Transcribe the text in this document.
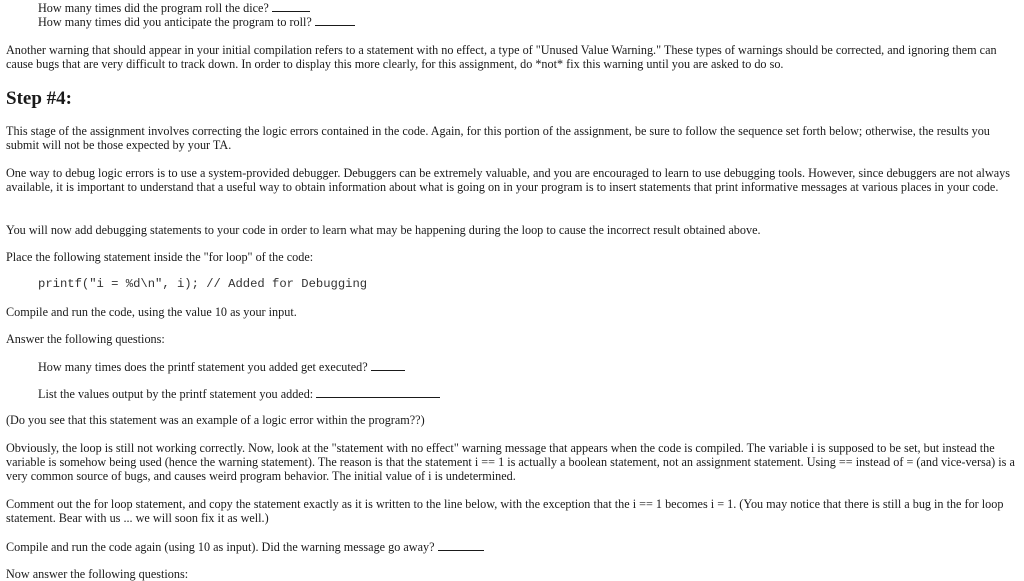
How many times did the program roll the dice?
How many times did you anticipate the program to roll?

Another warning that should appear in your initial compilation refers to a statement with no effect, a type of "Unused Value Warning." These types of warnings should be corrected, and ignoring them can cause bugs that are very difficult to track down. In order to display this more clearly, for this assignment, do *not* fix this warning until you are asked to do so.

Step #4:

This stage of the assignment involves correcting the logic errors contained in the code. Again, for this portion of the assignment, be sure to follow the sequence set forth below; otherwise, the results you submit will not be those expected by your TA.

One way to debug logic errors is to use a system-provided debugger. Debuggers can be extremely valuable, and you are encouraged to learn to use debugging tools. However, since debuggers are not always available, it is important to understand that a useful way to obtain information about what is going on in your program is to insert statements that print informative messages at various places in your code.

You will now add debugging statements to your code in order to learn what may be happening during the loop to cause the incorrect result obtained above.

Place the following statement inside the "for loop" of the code:

printf("i = %d\n", i); // Added for Debugging

Compile and run the code, using the value 10 as your input.

Answer the following questions:

How many times does the printf statement you added get executed?
List the values output by the printf statement you added:

(Do you see that this statement was an example of a logic error within the program??)

Obviously, the loop is still not working correctly. Now, look at the "statement with no effect" warning message that appears when the code is compiled. The variable i is supposed to be set, but instead the variable is somehow being used (hence the warning statement). The reason is that the statement i == 1 is actually a boolean statement, not an assignment statement. Using == instead of = (and vice-versa) is a very common source of bugs, and causes weird program behavior. The initial value of i is undetermined.

Comment out the for loop statement, and copy the statement exactly as it is written to the line below, with the exception that the i == 1 becomes i = 1. (You may notice that there is still a bug in the for loop statement. Bear with us ... we will soon fix it as well.)

Compile and run the code again (using 10 as input). Did the warning message go away?

Now answer the following questions:
